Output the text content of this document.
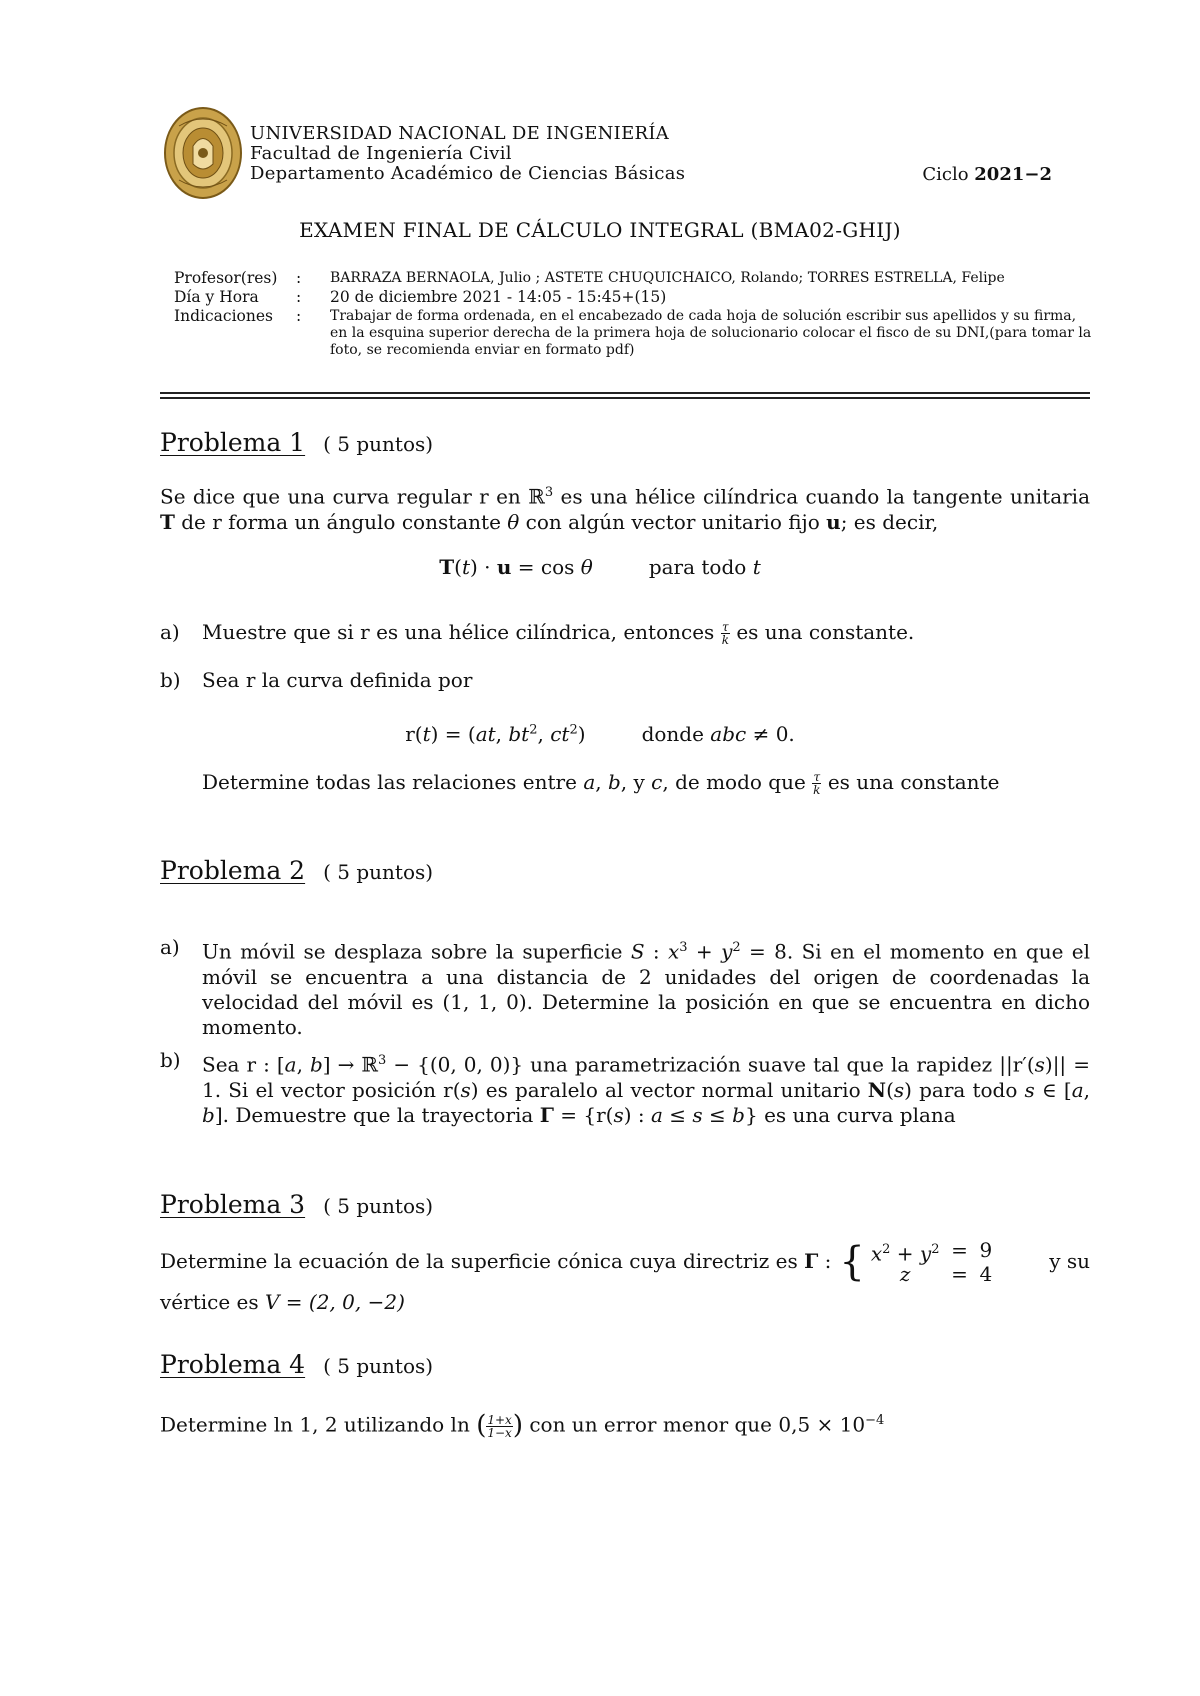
UNIVERSIDAD NACIONAL DE INGENIERÍA
Facultad de Ingeniería Civil
Departamento Académico de Ciencias Básicas	Ciclo 2021−2
EXAMEN FINAL DE CÁLCULO INTEGRAL (BMA02-GHIJ)
Profesor(res)	:	BARRAZA BERNAOLA, Julio ; ASTETE CHUQUICHAICO, Rolando; TORRES ESTRELLA, Felipe
Día y Hora	:	20 de diciembre 2021 - 14:05 - 15:45+(15)
Indicaciones	:	Trabajar de forma ordenada, en el encabezado de cada hoja de solución escribir sus apellidos y su firma, en la esquina superior derecha de la primera hoja de solucionario colocar el fisco de su DNI,(para tomar la foto, se recomienda enviar en formato pdf)
Problema 1 ( 5 puntos)
Se dice que una curva regular r en ℝ$^3$ es una hélice cilíndrica cuando la tangente unitaria T de r forma un ángulo constante θ con algún vector unitario fijo u; es decir,
T(t) · u = cos θ	para todo t
a) Muestre que si r es una hélice cilíndrica, entonces $\frac{\tau}{k}$ es una constante.
b) Sea r la curva definida por
r(t) = (at, $bt^2$, $ct^2$)	donde abc ≠ 0.
Determine todas las relaciones entre a, b, y c, de modo que $\frac{\tau}{k}$ es una constante
Problema 2 ( 5 puntos)
a) Un móvil se desplaza sobre la superficie S : $x^3 + y^2 = 8$. Si en el momento en que el móvil se encuentra a una distancia de 2 unidades del origen de coordenadas la velocidad del móvil es (1, 1, 0). Determine la posición en que se encuentra en dicho momento.
b) Sea r : [a, b] → ℝ$^3$ − {(0, 0, 0)} una parametrización suave tal que la rapidez ||r′(s)|| = 1. Si el vector posición r(s) es paralelo al vector normal unitario N(s) para todo s ∈ [a, b]. Demuestre que la trayectoria Γ = {r(s) : a ≤ s ≤ b} es una curva plana
Problema 3 ( 5 puntos)
Determine la ecuación de la superficie cónica cuya directriz es Γ : { $x^2 + y^2 = 9$
z	= 4
y su
vértice es V = (2, 0, −2)
Problema 4 ( 5 puntos)
Determine ln 1, 2 utilizando ln ( $\frac{1+x}{1-x}$ ) con un error menor que $0,5 \times 10^{-4}$
